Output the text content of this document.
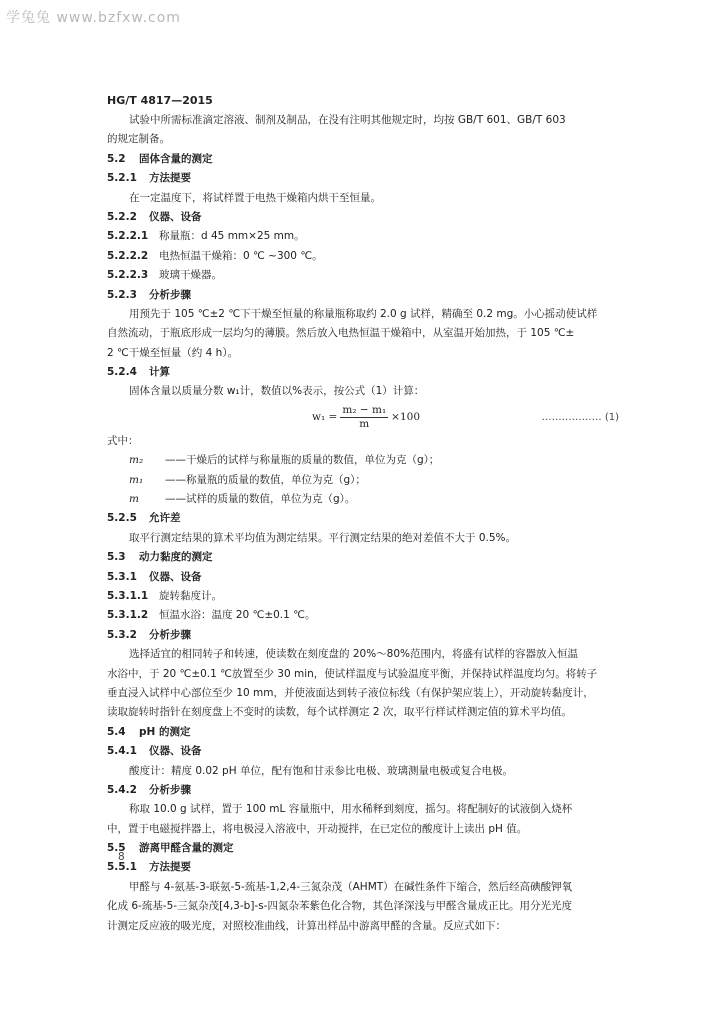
学兔兔 www.bzfxw.com
HG/T 4817—2015
试验中所需标准滴定溶液、制剂及制品，在没有注明其他规定时，均按 GB/T 601、GB/T 603
的规定制备。
5.2 固体含量的测定
5.2.1 方法提要
在一定温度下，将试样置于电热干燥箱内烘干至恒量。
5.2.2 仪器、设备
5.2.2.1 称量瓶：d 45 mm×25 mm。
5.2.2.2 电热恒温干燥箱：0 ℃ ~300 ℃。
5.2.2.3 玻璃干燥器。
5.2.3 分析步骤
用预先于 105 ℃±2 ℃下干燥至恒量的称量瓶称取约 2.0 g 试样，精确至 0.2 mg。小心摇动使试样
自然流动，于瓶底形成一层均匀的薄膜。然后放入电热恒温干燥箱中，从室温开始加热，于 105 ℃±
2 ℃干燥至恒量（约 4 h）。
5.2.4 计算
固体含量以质量分数 w₁计，数值以%表示，按公式（1）计算：
$w_1 = \frac{\text{m₂ − m₁}}{m} \times 100$	……………… (1)
式中：
m₂ ——干燥后的试样与称量瓶的质量的数值，单位为克（g）；
m₁ ——称量瓶的质量的数值，单位为克（g）；
m ——试样的质量的数值，单位为克（g）。
5.2.5 允许差
取平行测定结果的算术平均值为测定结果。平行测定结果的绝对差值不大于 0.5%。
5.3 动力黏度的测定
5.3.1 仪器、设备
5.3.1.1 旋转黏度计。
5.3.1.2 恒温水浴：温度 20 ℃±0.1 ℃。
5.3.2 分析步骤
选择适宜的相同转子和转速，使读数在刻度盘的 20%～80%范围内，将盛有试样的容器放入恒温
水浴中，于 20 ℃±0.1 ℃放置至少 30 min，使试样温度与试验温度平衡，并保持试样温度均匀。将转子
垂直浸入试样中心部位至少 10 mm，并使液面达到转子液位标线（有保护架应装上），开动旋转黏度计，
读取旋转时指针在刻度盘上不变时的读数，每个试样测定 2 次，取平行样试样测定值的算术平均值。
5.4 pH 的测定
5.4.1 仪器、设备
酸度计：精度 0.02 pH 单位，配有饱和甘汞参比电极、玻璃测量电极或复合电极。
5.4.2 分析步骤
称取 10.0 g 试样，置于 100 mL 容量瓶中，用水稀释到刻度，摇匀。将配制好的试液倒入烧杯
中，置于电磁搅拌器上，将电极浸入溶液中，开动搅拌，在已定位的酸度计上读出 pH 值。
5.5 游离甲醛含量的测定
5.5.1 方法提要
甲醛与 4-氨基-3-联氨-5-巯基-1,2,4-三氮杂茂（AHMT）在碱性条件下缩合，然后经高碘酸钾氧
化成 6-巯基-5-三氮杂茂[4,3-b]-s-四氮杂苯紫色化合物，其色泽深浅与甲醛含量成正比。用分光光度
计测定反应液的吸光度，对照校准曲线，计算出样品中游离甲醛的含量。反应式如下：
8
